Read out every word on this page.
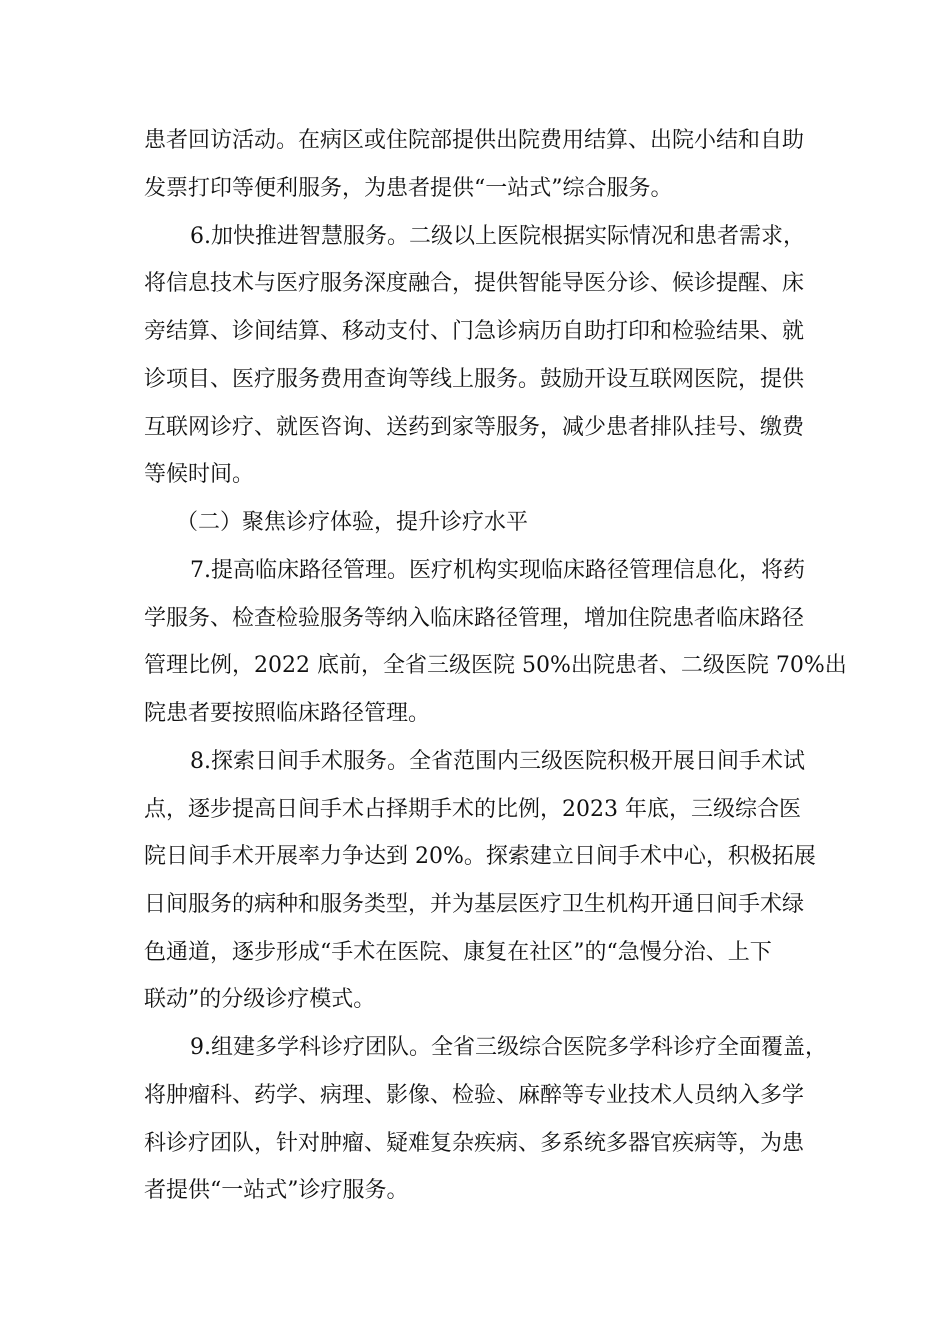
患者回访活动。在病区或住院部提供出院费用结算、出院小结和自助
发票打印等便利服务，为患者提供“一站式”综合服务。
6.加快推进智慧服务。二级以上医院根据实际情况和患者需求，
将信息技术与医疗服务深度融合，提供智能导医分诊、候诊提醒、床
旁结算、诊间结算、移动支付、门急诊病历自助打印和检验结果、就
诊项目、医疗服务费用查询等线上服务。鼓励开设互联网医院，提供
互联网诊疗、就医咨询、送药到家等服务，减少患者排队挂号、缴费
等候时间。
（二）聚焦诊疗体验，提升诊疗水平
7.提高临床路径管理。医疗机构实现临床路径管理信息化，将药
学服务、检查检验服务等纳入临床路径管理，增加住院患者临床路径
管理比例，2022 底前，全省三级医院 50%出院患者、二级医院 70%出
院患者要按照临床路径管理。
8.探索日间手术服务。全省范围内三级医院积极开展日间手术试
点，逐步提高日间手术占择期手术的比例，2023 年底，三级综合医
院日间手术开展率力争达到 20%。探索建立日间手术中心，积极拓展
日间服务的病种和服务类型，并为基层医疗卫生机构开通日间手术绿
色通道，逐步形成“手术在医院、康复在社区”的“急慢分治、上下
联动”的分级诊疗模式。
9.组建多学科诊疗团队。全省三级综合医院多学科诊疗全面覆盖，
将肿瘤科、药学、病理、影像、检验、麻醉等专业技术人员纳入多学
科诊疗团队，针对肿瘤、疑难复杂疾病、多系统多器官疾病等，为患
者提供“一站式”诊疗服务。
